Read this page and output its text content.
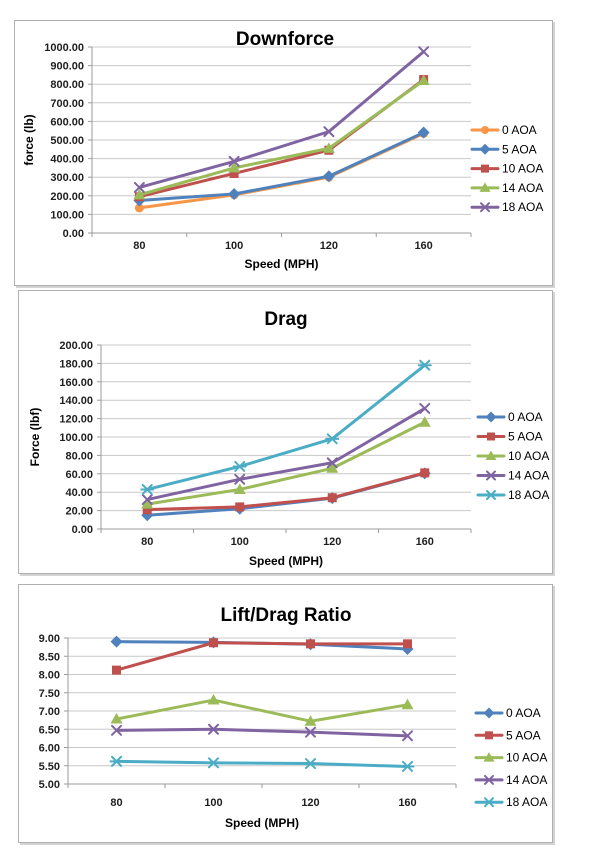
Downforce
0.00
100.00
200.00
300.00
400.00
500.00
600.00
700.00
800.00
900.00
1000.00
80	100	120	160
Speed (MPH)
force (lb)	0 AOA
5 AOA
10 AOA
14 AOA
18 AOA
Drag
0.00
20.00
40.00
60.00
80.00
100.00
120.00
140.00
160.00
180.00
200.00
80	100	120	160
Speed (MPH)
Force (lbf)	0 AOA
5 AOA
10 AOA
14 AOA
18 AOA
Lift/Drag Ratio
5.00
5.50
6.00
6.50
7.00
7.50
8.00
8.50
9.00
80	100	120	160
Speed (MPH)
0 AOA
5 AOA
10 AOA
14 AOA
18 AOA
